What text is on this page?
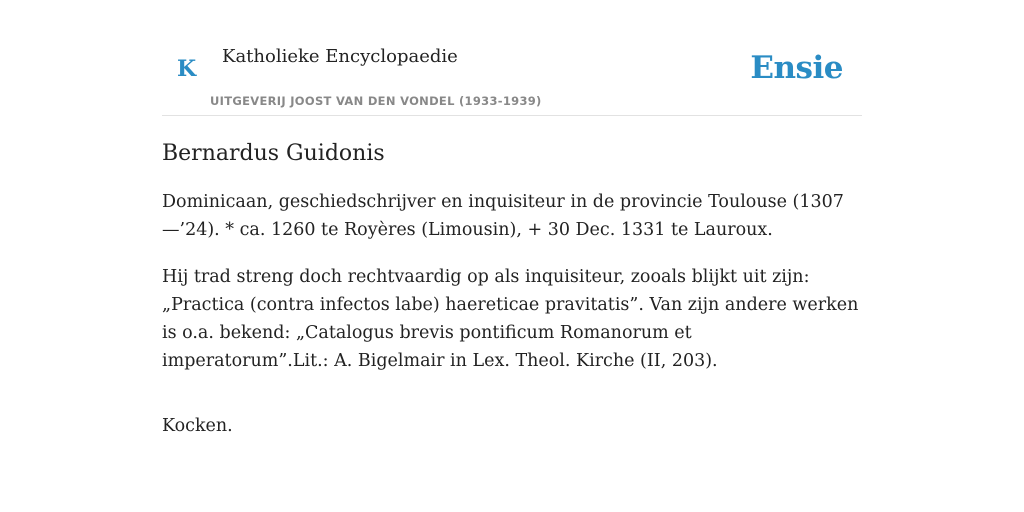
K Katholieke Encyclopaedie
UITGEVERIJ JOOST VAN DEN VONDEL (1933-1939)
Ensie
Bernardus Guidonis

Dominicaan, geschiedschrijver en inquisiteur in de provincie Toulouse (1307—’24). * ca. 1260 te Royères (Limousin), + 30 Dec. 1331 te Lauroux.

Hij trad streng doch rechtvaardig op als inquisiteur, zooals blijkt uit zijn: „Practica (contra infectos labe) haereticae pravitatis”. Van zijn andere werken is o.a. bekend: „Catalogus brevis pontificum Romanorum et imperatorum”.Lit.: A. Bigelmair in Lex. Theol. Kirche (II, 203).

Kocken.
